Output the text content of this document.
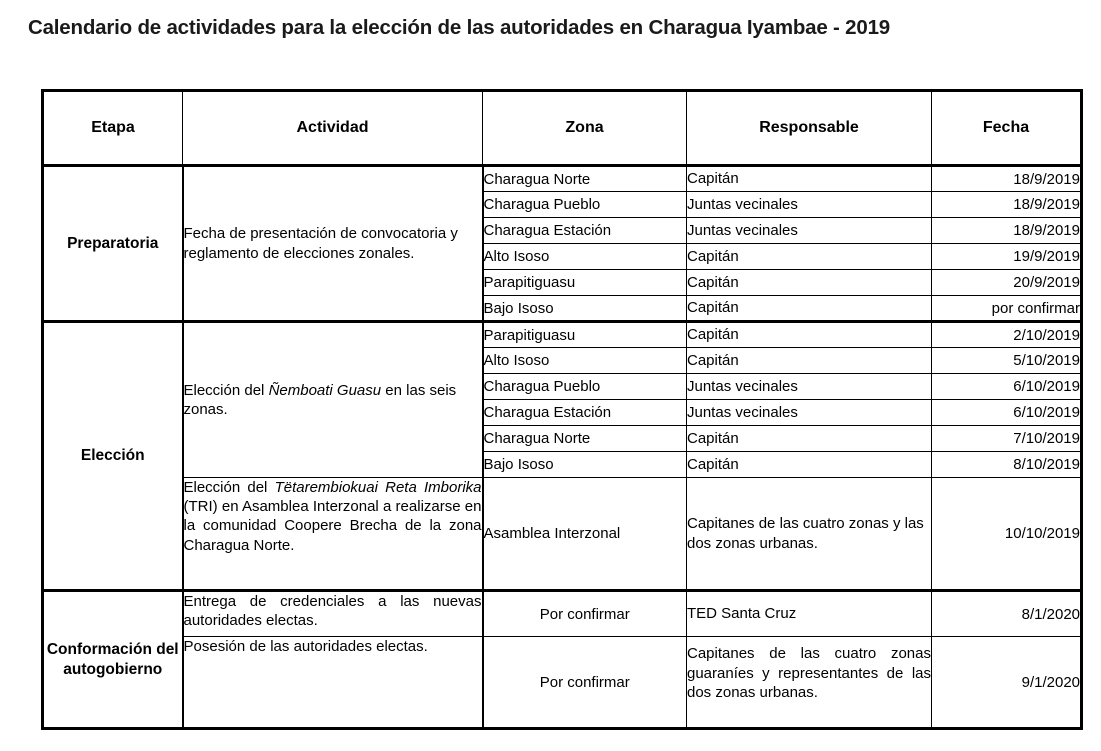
Calendario de actividades para la elección de las autoridades en Charagua Iyambae - 2019
Etapa	Actividad	Zona	Responsable	Fecha
Preparatoria	Fecha de presentación de convocatoria y reglamento de elecciones zonales.	Charagua Norte	Capitán	18/9/2019
		Charagua Pueblo	Juntas vecinales	18/9/2019
		Charagua Estación	Juntas vecinales	18/9/2019
		Alto Isoso	Capitán	19/9/2019
		Parapitiguasu	Capitán	20/9/2019
		Bajo Isoso	Capitán	por confirmar
Elección	Elección del Ñemboati Guasu en las seis zonas.	Parapitiguasu	Capitán	2/10/2019
		Alto Isoso	Capitán	5/10/2019
		Charagua Pueblo	Juntas vecinales	6/10/2019
		Charagua Estación	Juntas vecinales	6/10/2019
		Charagua Norte	Capitán	7/10/2019
		Bajo Isoso	Capitán	8/10/2019
	Elección del Tëtarembiokuai Reta Imborika (TRI) en Asamblea Interzonal a realizarse en la comunidad Coopere Brecha de la zona Charagua Norte.	Asamblea Interzonal	Capitanes de las cuatro zonas y las dos zonas urbanas.	10/10/2019
Conformación del autogobierno	Entrega de credenciales a las nuevas autoridades electas.	Por confirmar	TED Santa Cruz	8/1/2020
	Posesión de las autoridades electas.	Por confirmar	Capitanes de las cuatro zonas guaraníes y representantes de las dos zonas urbanas.	9/1/2020
